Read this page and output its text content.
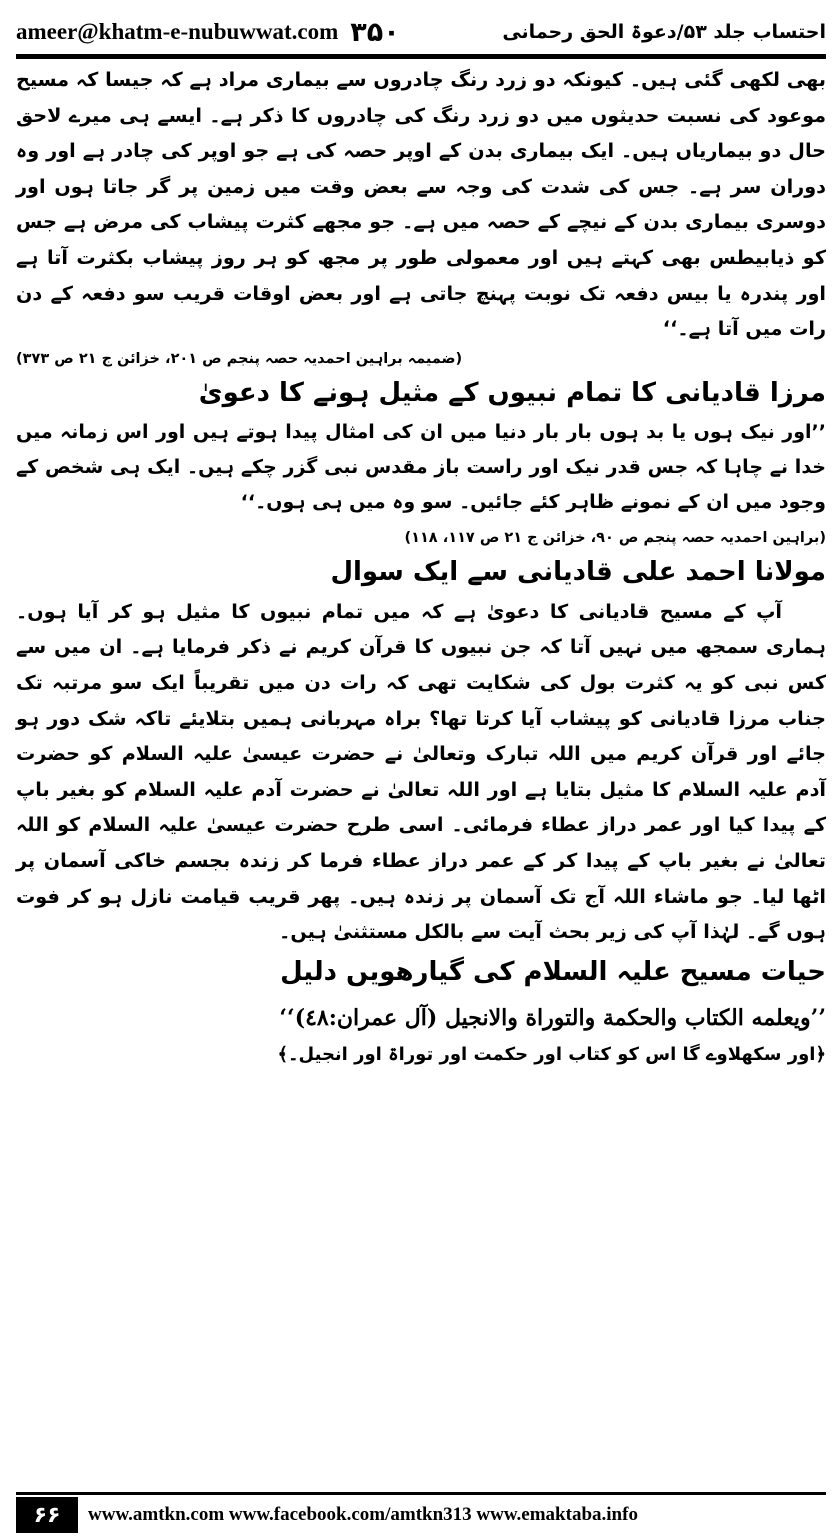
ameer@khatm-e-nubuwwat.com ۳۵۰	احتساب جلد ۵۳/دعوۃ الحق رحمانی

بھی لکھی گئی ہیں۔ کیونکہ دو زرد رنگ چادروں سے بیماری مراد ہے کہ جیسا کہ مسیح موعود کی نسبت حدیثوں میں دو زرد رنگ کی چادروں کا ذکر ہے۔ ایسے ہی میرے لاحق حال دو بیماریاں ہیں۔ ایک بیماری بدن کے اوپر حصہ کی ہے جو اوپر کی چادر ہے اور وہ دوران سر ہے۔ جس کی شدت کی وجہ سے بعض وقت میں زمین پر گر جاتا ہوں اور دوسری بیماری بدن کے نیچے کے حصہ میں ہے۔ جو مجھے کثرت پیشاب کی مرض ہے جس کو ذیابیطس بھی کہتے ہیں اور معمولی طور پر مجھ کو ہر روز پیشاب بکثرت آتا ہے اور پندرہ یا بیس دفعہ تک نوبت پہنچ جاتی ہے اور بعض اوقات قریب سو دفعہ کے دن رات میں آتا ہے۔‘‘

(ضمیمہ براہین احمدیہ حصہ پنجم ص ۲۰۱، خزائن ج ۲۱ ص ۳۷۳)

مرزا قادیانی کا تمام نبیوں کے مثیل ہونے کا دعویٰ

’’اور نیک ہوں یا بد ہوں بار بار دنیا میں ان کی امثال پیدا ہوتے ہیں اور اس زمانہ میں خدا نے چاہا کہ جس قدر نیک اور راست باز مقدس نبی گزر چکے ہیں۔ ایک ہی شخص کے وجود میں ان کے نمونے ظاہر کئے جائیں۔ سو وہ میں ہی ہوں۔‘‘

(براہین احمدیہ حصہ پنجم ص ۹۰، خزائن ج ۲۱ ص ۱۱۷، ۱۱۸)

مولانا احمد علی قادیانی سے ایک سوال

آپ کے مسیح قادیانی کا دعویٰ ہے کہ میں تمام نبیوں کا مثیل ہو کر آیا ہوں۔ ہماری سمجھ میں نہیں آتا کہ جن نبیوں کا قرآن کریم نے ذکر فرمایا ہے۔ ان میں سے کس نبی کو یہ کثرت بول کی شکایت تھی کہ رات دن میں تقریباً ایک سو مرتبہ تک جناب مرزا قادیانی کو پیشاب آیا کرتا تھا؟ براہ مہربانی ہمیں بتلایئے تاکہ شک دور ہو جائے اور قرآن کریم میں اللہ تبارک وتعالیٰ نے حضرت عیسیٰ علیہ السلام کو حضرت آدم علیہ السلام کا مثیل بتایا ہے اور اللہ تعالیٰ نے حضرت آدم علیہ السلام کو بغیر باپ کے پیدا کیا اور عمر دراز عطاء فرمائی۔ اسی طرح حضرت عیسیٰ علیہ السلام کو اللہ تعالیٰ نے بغیر باپ کے پیدا کر کے عمر دراز عطاء فرما کر زندہ بجسم خاکی آسمان پر اٹھا لیا۔ جو ماشاء اللہ آج تک آسمان پر زندہ ہیں۔ پھر قریب قیامت نازل ہو کر فوت ہوں گے۔ لہٰذا آپ کی زیر بحث آیت سے بالکل مستثنیٰ ہیں۔

حیات مسیح علیہ السلام کی گیارھویں دلیل

’’ویعلمه الکتاب والحکمة والتوراة والانجیل (آل عمران:٤٨)‘‘

﴿اور سکھلاوے گا اس کو کتاب اور حکمت اور توراۃ اور انجیل۔﴾

۶۶	www.amtkn.com www.facebook.com/amtkn313 www.emaktaba.info
